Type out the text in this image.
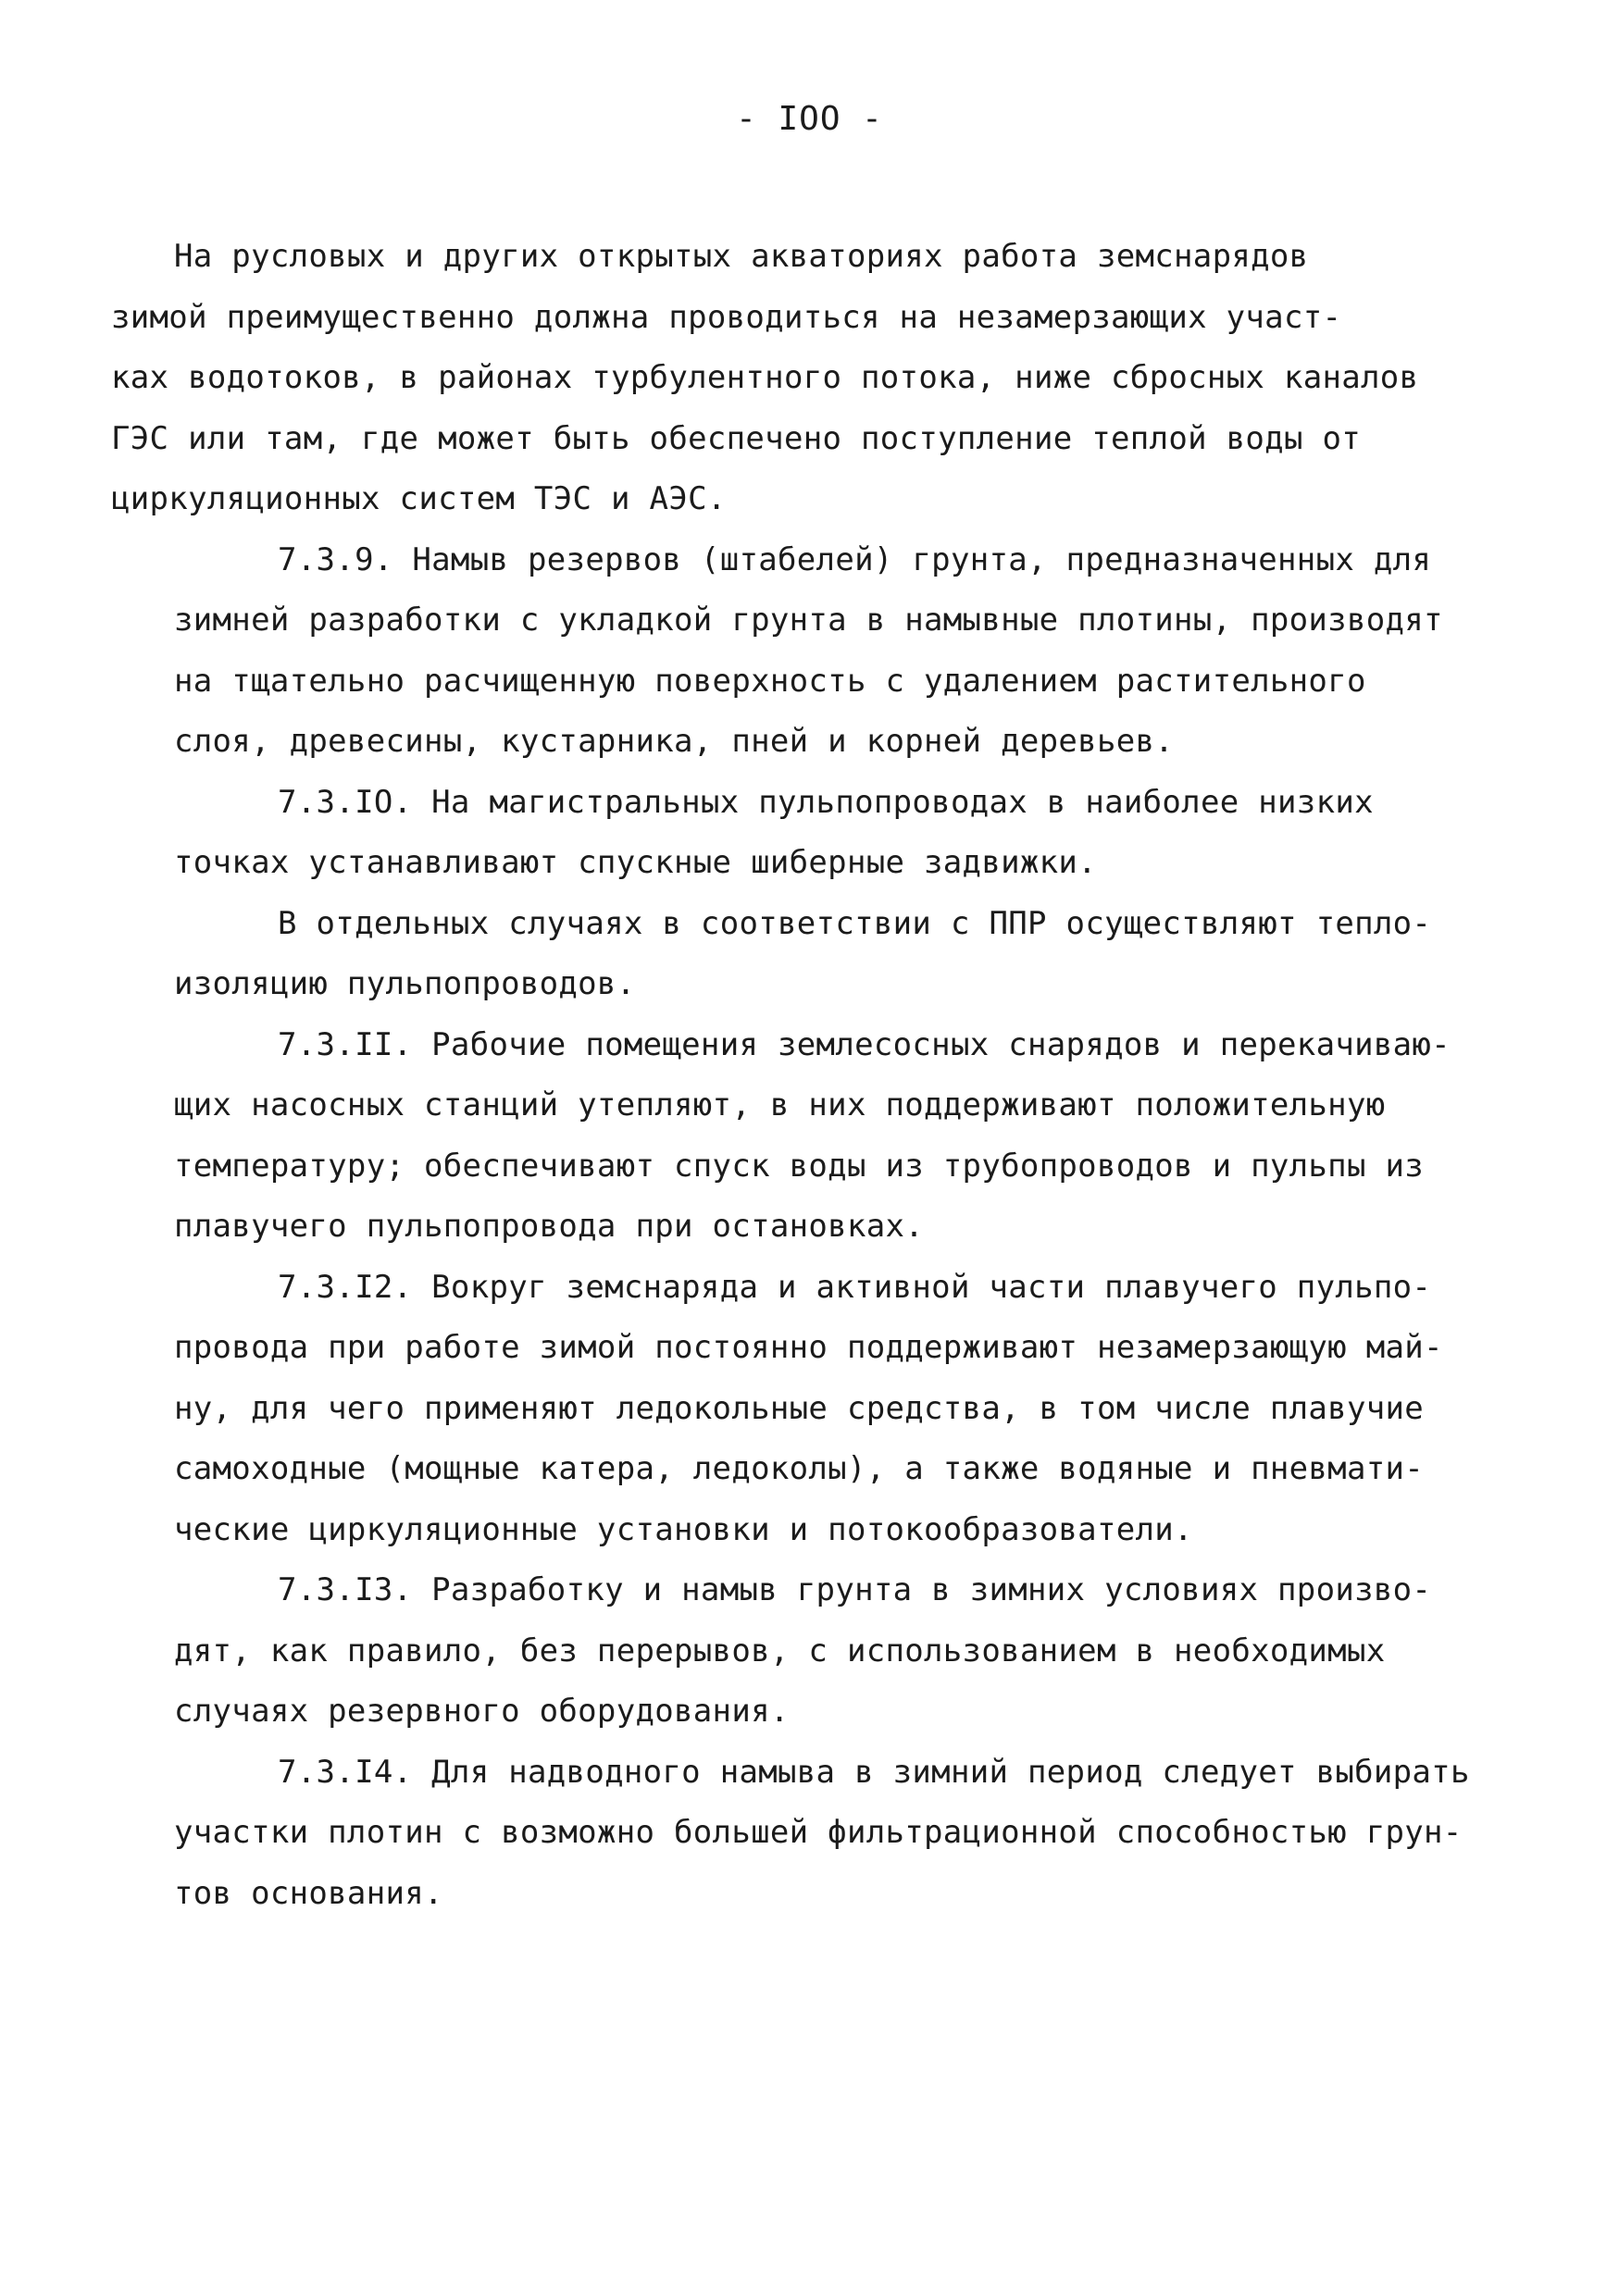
- IOO -
На русловых и других открытых акваториях работа земснарядов
зимой преимущественно должна проводиться на незамерзающих участ-
ках водотоков, в районах турбулентного потока, ниже сбросных каналов
ГЭС или там, где может быть обеспечено поступление теплой воды от
циркуляционных систем ТЭС и АЭС.
7.3.9. Намыв резервов (штабелей) грунта, предназначенных для
зимней разработки с укладкой грунта в намывные плотины, производят
на тщательно расчищенную поверхность с удалением растительного
слоя, древесины, кустарника, пней и корней деревьев.
7.3.IO. На магистральных пульпопроводах в наиболее низких
точках устанавливают спускные шиберные задвижки.
В отдельных случаях в соответствии с ППР осуществляют тепло-
изоляцию пульпопроводов.
7.3.II. Рабочие помещения землесосных снарядов и перекачиваю-
щих насосных станций утепляют, в них поддерживают положительную
температуру; обеспечивают спуск воды из трубопроводов и пульпы из
плавучего пульпопровода при остановках.
7.3.I2. Вокруг земснаряда и активной части плавучего пульпо-
провода при работе зимой постоянно поддерживают незамерзающую май-
ну, для чего применяют ледокольные средства, в том числе плавучие
самоходные (мощные катера, ледоколы), а также водяные и пневмати-
ческие циркуляционные установки и потокообразователи.
7.3.I3. Разработку и намыв грунта в зимних условиях произво-
дят, как правило, без перерывов, с использованием в необходимых
случаях резервного оборудования.
7.3.I4. Для надводного намыва в зимний период следует выбирать
участки плотин с возможно большей фильтрационной способностью грун-
тов основания.
